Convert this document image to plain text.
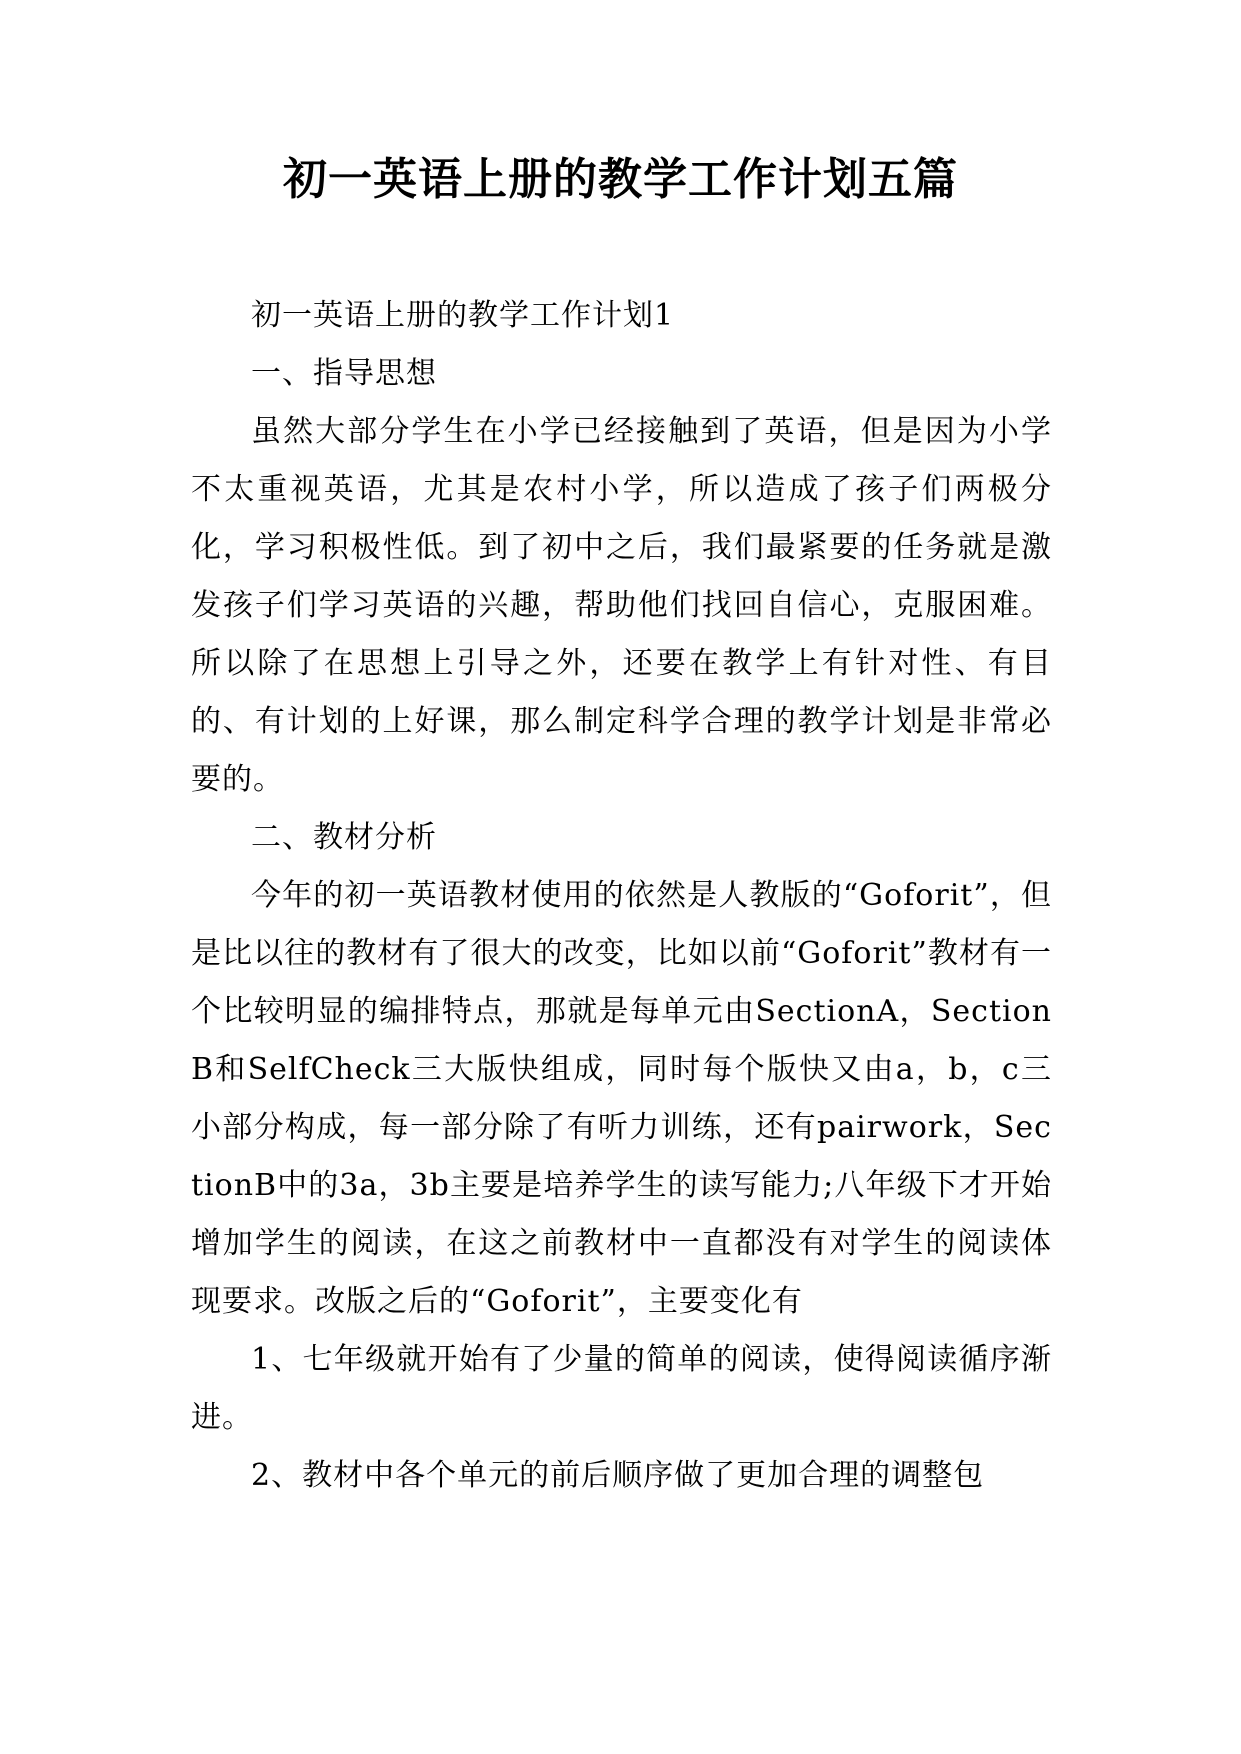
初一英语上册的教学工作计划五篇

初一英语上册的教学工作计划1

一、指导思想

虽然大部分学生在小学已经接触到了英语，但是因为小学不太重视英语，尤其是农村小学，所以造成了孩子们两极分化，学习积极性低。到了初中之后，我们最紧要的任务就是激发孩子们学习英语的兴趣，帮助他们找回自信心，克服困难。所以除了在思想上引导之外，还要在教学上有针对性、有目的、有计划的上好课，那么制定科学合理的教学计划是非常必要的。

二、教材分析

今年的初一英语教材使用的依然是人教版的“Goforit”，但是比以往的教材有了很大的改变，比如以前“Goforit”教材有一个比较明显的编排特点，那就是每单元由SectionA，SectionB和SelfCheck三大版快组成，同时每个版快又由a，b，c三小部分构成，每一部分除了有听力训练，还有pairwork，SectionB中的3a，3b主要是培养学生的读写能力;八年级下才开始增加学生的阅读，在这之前教材中一直都没有对学生的阅读体现要求。改版之后的“Goforit”，主要变化有

1、七年级就开始有了少量的简单的阅读，使得阅读循序渐进。

2、教材中各个单元的前后顺序做了更加合理的调整包
